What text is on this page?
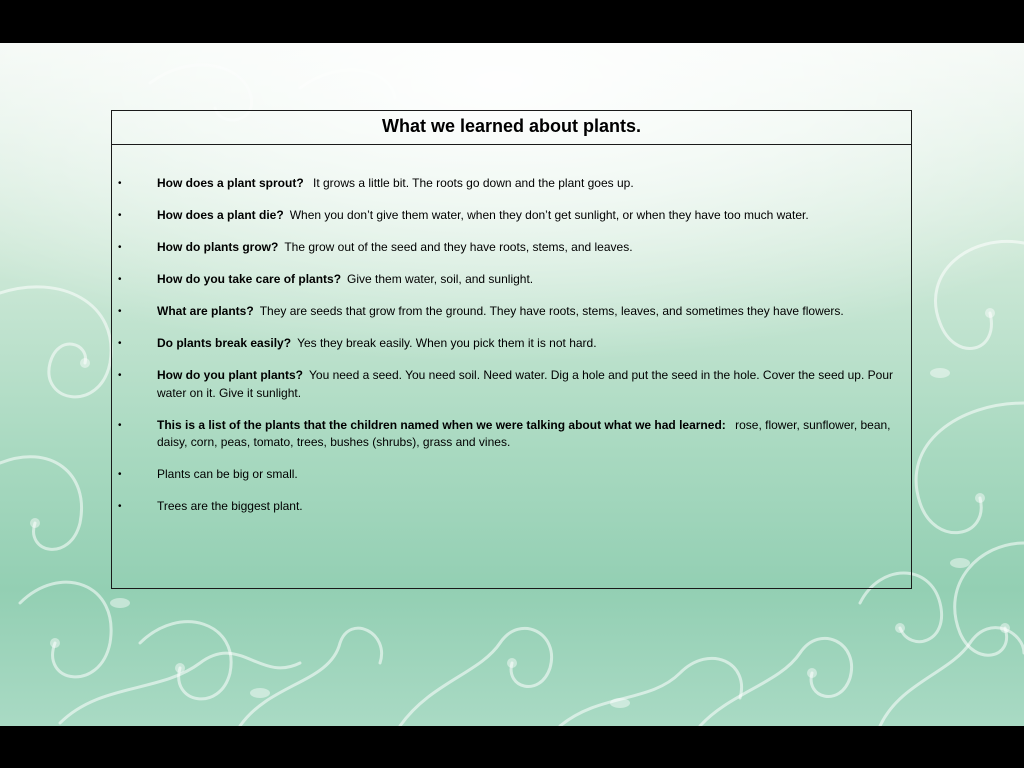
What we learned about plants.
•	How does a plant sprout? It grows a little bit. The roots go down and the plant goes up.
•	How does a plant die? When you don’t give them water, when they don’t get sunlight, or when they have too much water.
•	How do plants grow? The grow out of the seed and they have roots, stems, and leaves.
•	How do you take care of plants? Give them water, soil, and sunlight.
•	What are plants? They are seeds that grow from the ground. They have roots, stems, leaves, and sometimes they have flowers.
•	Do plants break easily? Yes they break easily. When you pick them it is not hard.
•	How do you plant plants? You need a seed. You need soil. Need water. Dig a hole and put the seed in the hole. Cover the seed up. Pour water on it. Give it sunlight.
•	This is a list of the plants that the children named when we were talking about what we had learned: rose, flower, sunflower, bean, daisy, corn, peas, tomato, trees, bushes (shrubs), grass and vines.
•	Plants can be big or small.
•	Trees are the biggest plant.
